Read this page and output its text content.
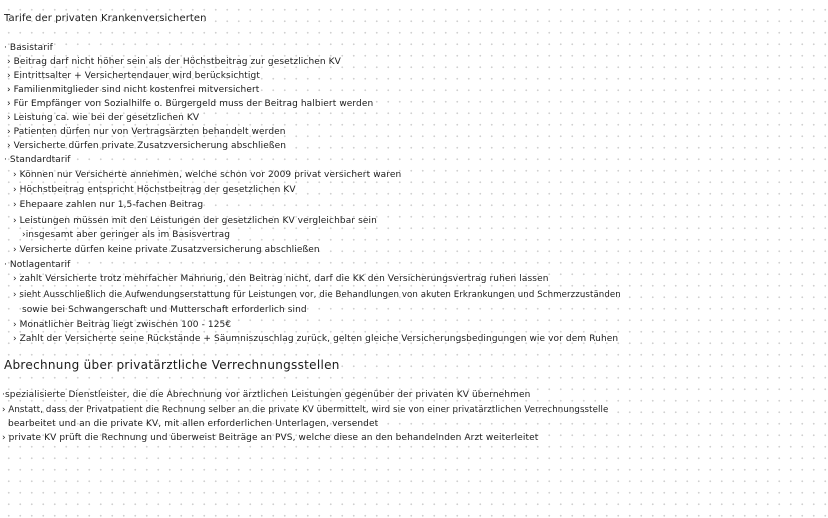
Tarife der privaten Krankenversicherten
· Basistarif
› Beitrag darf nicht höher sein als der Höchstbeitrag zur gesetzlichen KV
› Eintrittsalter + Versichertendauer wird berücksichtigt
› Familienmitglieder sind nicht kostenfrei mitversichert
› Für Empfänger von Sozialhilfe o. Bürgergeld muss der Beitrag halbiert werden
› Leistung ca. wie bei der gesetzlichen KV
› Patienten dürfen nur von Vertragsärzten behandelt werden
› Versicherte dürfen private Zusatzversicherung abschließen
· Standardtarif
› Können nur Versicherte annehmen, welche schon vor 2009 privat versichert waren
› Höchstbeitrag entspricht Höchstbeitrag der gesetzlichen KV
› Ehepaare zahlen nur 1,5-fachen Beitrag
› Leistungen müssen mit den Leistungen der gesetzlichen KV vergleichbar sein
›insgesamt aber geringer als im Basisvertrag
› Versicherte dürfen keine private Zusatzversicherung abschließen
· Notlagentarif
› zahlt Versicherte trotz mehrfacher Mahnung, den Beitrag nicht, darf die KK den Versicherungsvertrag ruhen lassen
› sieht Ausschließlich die Aufwendungserstattung für Leistungen vor, die Behandlungen von akuten Erkrankungen und Schmerzzuständen
sowie bei Schwangerschaft und Mutterschaft erforderlich sind
› Monatlicher Beitrag liegt zwischen 100 - 125€
› Zahlt der Versicherte seine Rückstände + Säumniszuschlag zurück, gelten gleiche Versicherungsbedingungen wie vor dem Ruhen
Abrechnung über privatärztliche Verrechnungsstellen
·spezialisierte Dienstleister, die die Abrechnung vor ärztlichen Leistungen gegenüber der privaten KV übernehmen
› Anstatt, dass der Privatpatient die Rechnung selber an die private KV übermittelt, wird sie von einer privatärztlichen Verrechnungsstelle
bearbeitet und an die private KV, mit allen erforderlichen Unterlagen, versendet
› private KV prüft die Rechnung und überweist Beiträge an PVS, welche diese an den behandelnden Arzt weiterleitet
